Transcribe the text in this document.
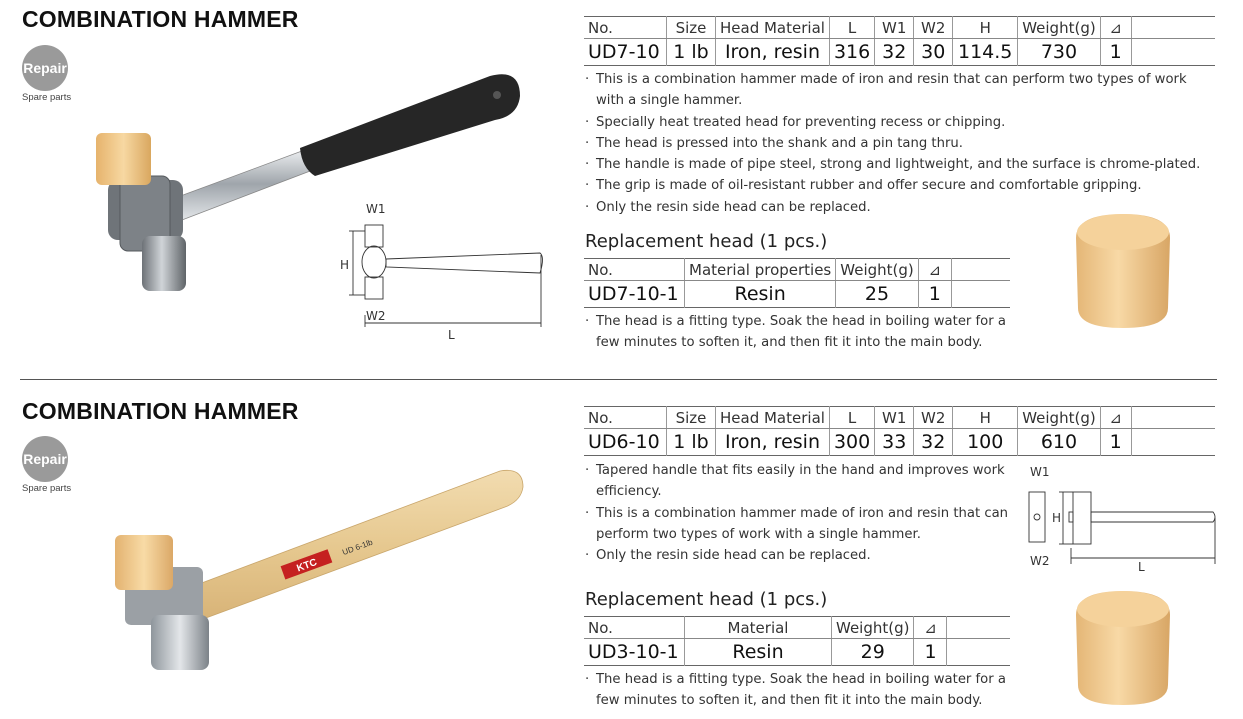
COMBINATION HAMMER
Repair
Spare parts
W1
H
W2
L
No.	Size	Head Material	L	W1	W2	H	Weight(g)	⊿	
UD7-10	1 lb	Iron, resin	316	32	30	114.5	730	1	
· This is a combination hammer made of iron and resin that can perform two types of work with a single hammer.
· Specially heat treated head for preventing recess or chipping.
· The head is pressed into the shank and a pin tang thru.
· The handle is made of pipe steel, strong and lightweight, and the surface is chrome-plated.
· The grip is made of oil-resistant rubber and offer secure and comfortable gripping.
· Only the resin side head can be replaced.
Replacement head (1 pcs.)
No.	Material properties	Weight(g)	⊿	
UD7-10-1	Resin	25	1	
· The head is a fitting type. Soak the head in boiling water for a few minutes to soften it, and then fit it into the main body.
COMBINATION HAMMER
Repair
Spare parts
KTC
UD 6-1lb
No.	Size	Head Material	L	W1	W2	H	Weight(g)	⊿	
UD6-10	1 lb	Iron, resin	300	33	32	100	610	1	
· Tapered handle that fits easily in the hand and improves work efficiency.
· This is a combination hammer made of iron and resin that can perform two types of work with a single hammer.
· Only the resin side head can be replaced.
W1
H
W2	L
Replacement head (1 pcs.)
No.	Material	Weight(g)	⊿	
UD3-10-1	Resin	29	1	
· The head is a fitting type. Soak the head in boiling water for a few minutes to soften it, and then fit it into the main body.
